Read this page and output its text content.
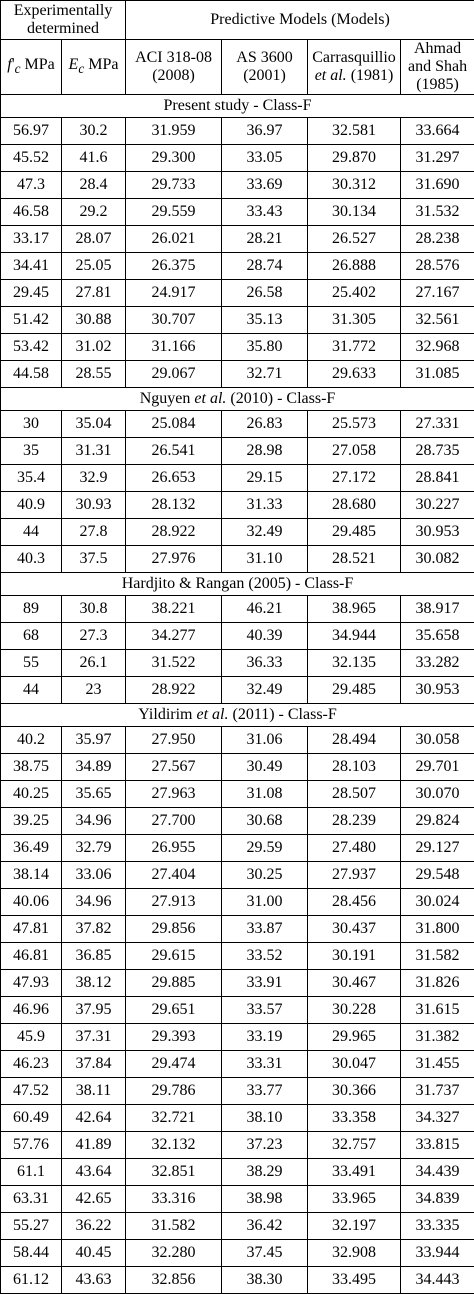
Experimentally determined		Predictive Models (Models)			
$f'_c$ MPa	$E_c$ MPa	ACI 318-08 (2008)	AS 3600 (2001)	Carrasquillio et al. (1981)	Ahmad and Shah (1985)
Present study - Class-F					
56.97	30.2	31.959	36.97	32.581	33.664
45.52	41.6	29.300	33.05	29.870	31.297
47.3	28.4	29.733	33.69	30.312	31.690
46.58	29.2	29.559	33.43	30.134	31.532
33.17	28.07	26.021	28.21	26.527	28.238
34.41	25.05	26.375	28.74	26.888	28.576
29.45	27.81	24.917	26.58	25.402	27.167
51.42	30.88	30.707	35.13	31.305	32.561
53.42	31.02	31.166	35.80	31.772	32.968
44.58	28.55	29.067	32.71	29.633	31.085
Nguyen et al. (2010) - Class-F					
30	35.04	25.084	26.83	25.573	27.331
35	31.31	26.541	28.98	27.058	28.735
35.4	32.9	26.653	29.15	27.172	28.841
40.9	30.93	28.132	31.33	28.680	30.227
44	27.8	28.922	32.49	29.485	30.953
40.3	37.5	27.976	31.10	28.521	30.082
Hardjito & Rangan (2005) - Class-F					
89	30.8	38.221	46.21	38.965	38.917
68	27.3	34.277	40.39	34.944	35.658
55	26.1	31.522	36.33	32.135	33.282
44	23	28.922	32.49	29.485	30.953
Yildirim et al. (2011) - Class-F					
40.2	35.97	27.950	31.06	28.494	30.058
38.75	34.89	27.567	30.49	28.103	29.701
40.25	35.65	27.963	31.08	28.507	30.070
39.25	34.96	27.700	30.68	28.239	29.824
36.49	32.79	26.955	29.59	27.480	29.127
38.14	33.06	27.404	30.25	27.937	29.548
40.06	34.96	27.913	31.00	28.456	30.024
47.81	37.82	29.856	33.87	30.437	31.800
46.81	36.85	29.615	33.52	30.191	31.582
47.93	38.12	29.885	33.91	30.467	31.826
46.96	37.95	29.651	33.57	30.228	31.615
45.9	37.31	29.393	33.19	29.965	31.382
46.23	37.84	29.474	33.31	30.047	31.455
47.52	38.11	29.786	33.77	30.366	31.737
60.49	42.64	32.721	38.10	33.358	34.327
57.76	41.89	32.132	37.23	32.757	33.815
61.1	43.64	32.851	38.29	33.491	34.439
63.31	42.65	33.316	38.98	33.965	34.839
55.27	36.22	31.582	36.42	32.197	33.335
58.44	40.45	32.280	37.45	32.908	33.944
61.12	43.63	32.856	38.30	33.495	34.443
